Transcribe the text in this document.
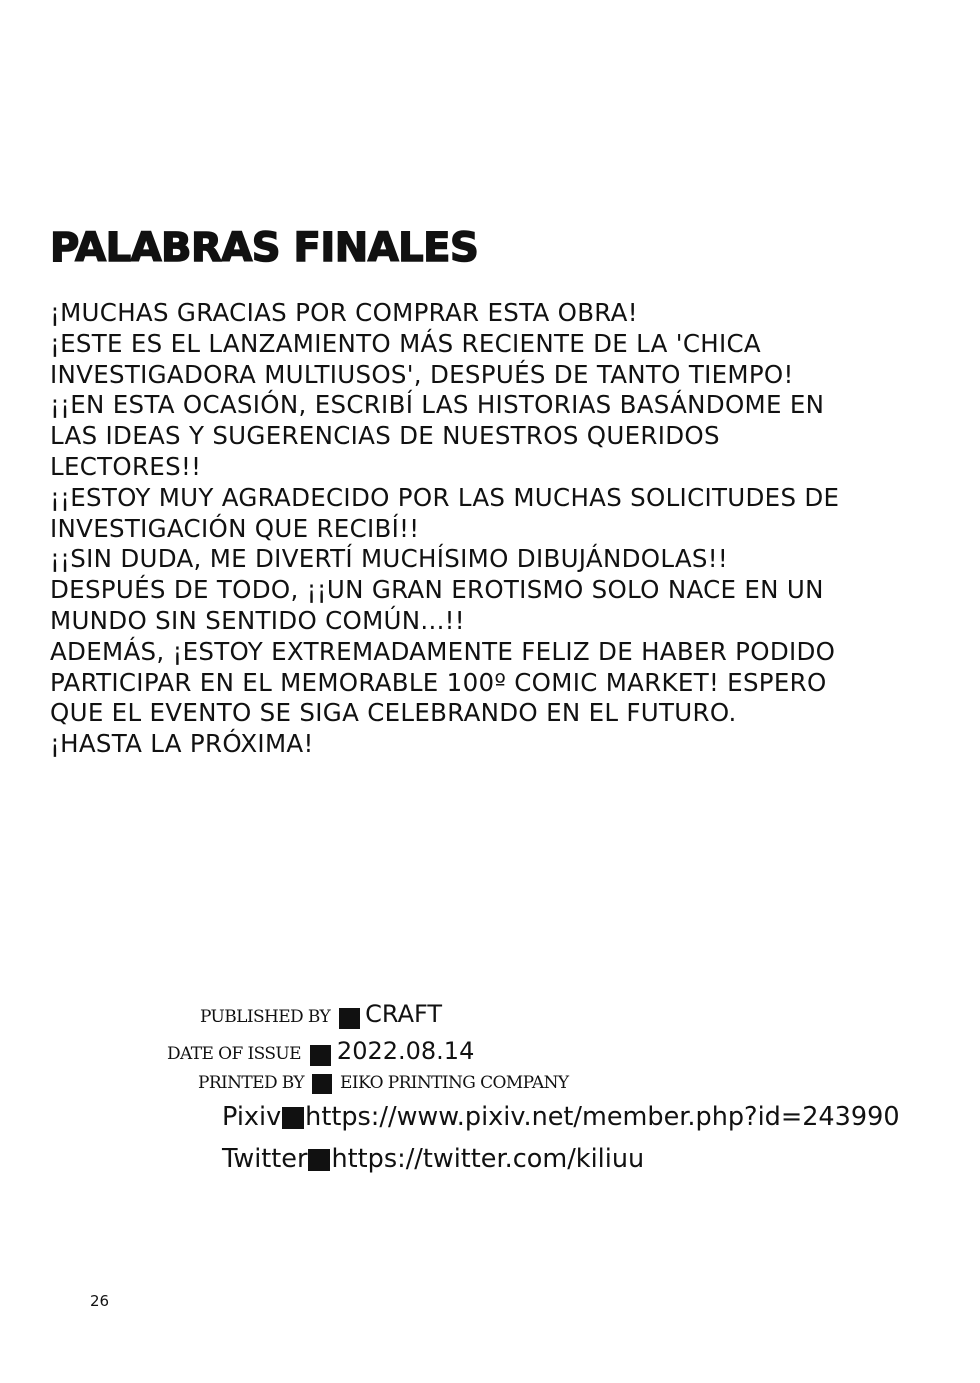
PALABRAS FINALES
¡MUCHAS GRACIAS POR COMPRAR ESTA OBRA!
¡ESTE ES EL LANZAMIENTO MÁS RECIENTE DE LA 'CHICA
INVESTIGADORA MULTIUSOS', DESPUÉS DE TANTO TIEMPO!
¡¡EN ESTA OCASIÓN, ESCRIBÍ LAS HISTORIAS BASÁNDOME EN
LAS IDEAS Y SUGERENCIAS DE NUESTROS QUERIDOS
LECTORES!!
¡¡ESTOY MUY AGRADECIDO POR LAS MUCHAS SOLICITUDES DE
INVESTIGACIÓN QUE RECIBÍ!!
¡¡SIN DUDA, ME DIVERTÍ MUCHÍSIMO DIBUJÁNDOLAS!!
DESPUÉS DE TODO, ¡¡UN GRAN EROTISMO SOLO NACE EN UN
MUNDO SIN SENTIDO COMÚN...!!
ADEMÁS, ¡ESTOY EXTREMADAMENTE FELIZ DE HABER PODIDO
PARTICIPAR EN EL MEMORABLE 100º COMIC MARKET! ESPERO
QUE EL EVENTO SE SIGA CELEBRANDO EN EL FUTURO.
¡HASTA LA PRÓXIMA!
PUBLISHED BY CRAFT
DATE OF ISSUE 2022.08.14
PRINTED BY EIKO PRINTING COMPANY
Pixiv https://www.pixiv.net/member.php?id=243990
Twitter https://twitter.com/kiliuu
26
